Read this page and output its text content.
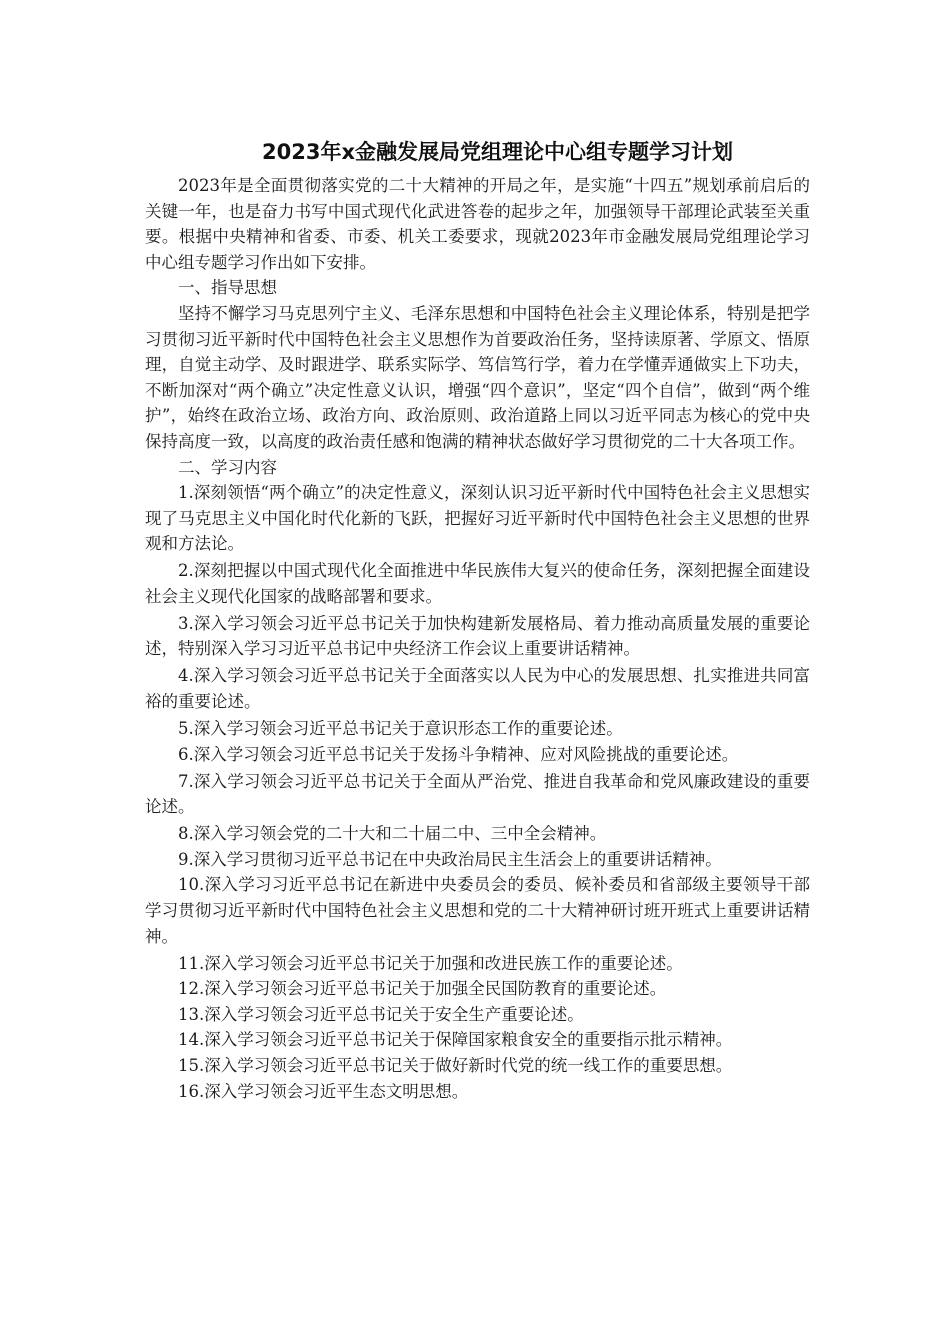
2023年x金融发展局党组理论中心组专题学习计划

2023年是全面贯彻落实党的二十大精神的开局之年，是实施“十四五”规划承前启后的关键一年，也是奋力书写中国式现代化武进答卷的起步之年，加强领导干部理论武装至关重要。根据中央精神和省委、市委、机关工委要求，现就2023年市金融发展局党组理论学习中心组专题学习作出如下安排。

一、指导思想

坚持不懈学习马克思列宁主义、毛泽东思想和中国特色社会主义理论体系，特别是把学习贯彻习近平新时代中国特色社会主义思想作为首要政治任务，坚持读原著、学原文、悟原理，自觉主动学、及时跟进学、联系实际学、笃信笃行学，着力在学懂弄通做实上下功夫，不断加深对“两个确立”决定性意义认识，增强“四个意识”，坚定“四个自信”，做到“两个维护”，始终在政治立场、政治方向、政治原则、政治道路上同以习近平同志为核心的党中央保持高度一致，以高度的政治责任感和饱满的精神状态做好学习贯彻党的二十大各项工作。

二、学习内容

1.深刻领悟“两个确立”的决定性意义，深刻认识习近平新时代中国特色社会主义思想实现了马克思主义中国化时代化新的飞跃，把握好习近平新时代中国特色社会主义思想的世界观和方法论。

2.深刻把握以中国式现代化全面推进中华民族伟大复兴的使命任务，深刻把握全面建设社会主义现代化国家的战略部署和要求。

3.深入学习领会习近平总书记关于加快构建新发展格局、着力推动高质量发展的重要论述，特别深入学习习近平总书记中央经济工作会议上重要讲话精神。

4.深入学习领会习近平总书记关于全面落实以人民为中心的发展思想、扎实推进共同富裕的重要论述。

5.深入学习领会习近平总书记关于意识形态工作的重要论述。

6.深入学习领会习近平总书记关于发扬斗争精神、应对风险挑战的重要论述。

7.深入学习领会习近平总书记关于全面从严治党、推进自我革命和党风廉政建设的重要论述。

8.深入学习领会党的二十大和二十届二中、三中全会精神。

9.深入学习贯彻习近平总书记在中央政治局民主生活会上的重要讲话精神。

10.深入学习习近平总书记在新进中央委员会的委员、候补委员和省部级主要领导干部学习贯彻习近平新时代中国特色社会主义思想和党的二十大精神研讨班开班式上重要讲话精神。

11.深入学习领会习近平总书记关于加强和改进民族工作的重要论述。

12.深入学习领会习近平总书记关于加强全民国防教育的重要论述。

13.深入学习领会习近平总书记关于安全生产重要论述。

14.深入学习领会习近平总书记关于保障国家粮食安全的重要指示批示精神。

15.深入学习领会习近平总书记关于做好新时代党的统一线工作的重要思想。

16.深入学习领会习近平生态文明思想。
